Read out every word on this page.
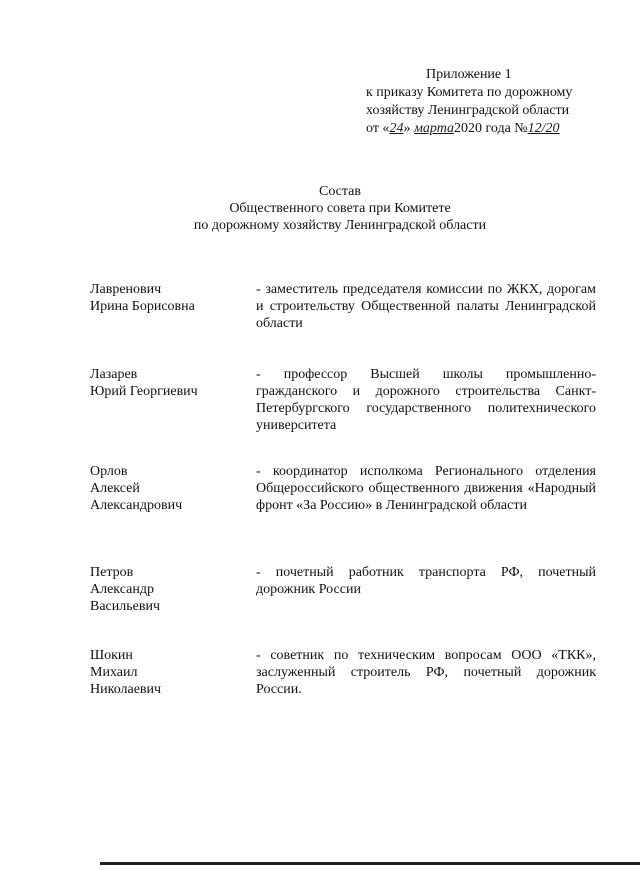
Приложение 1
к приказу Комитета по дорожному
хозяйству Ленинградской области
от «24» марта2020 года №12/20
Состав
Общественного совета при Комитете
по дорожному хозяйству Ленинградской области
Лавренович
Ирина Борисовна
- заместитель председателя комиссии по ЖКХ, дорогам и строительству Общественной палаты Ленинградской области
Лазарев
Юрий Георгиевич
- профессор Высшей школы промышленно-гражданского и дорожного строительства Санкт-Петербургского государственного политехнического университета
Орлов
Алексей
Александрович
- координатор исполкома Регионального отделения Общероссийского общественного движения «Народный фронт «За Россию» в Ленинградской области
Петров
Александр
Васильевич
- почетный работник транспорта РФ, почетный дорожник России
Шокин
Михаил
Николаевич
- советник по техническим вопросам ООО «ТКК», заслуженный строитель РФ, почетный дорожник России.
